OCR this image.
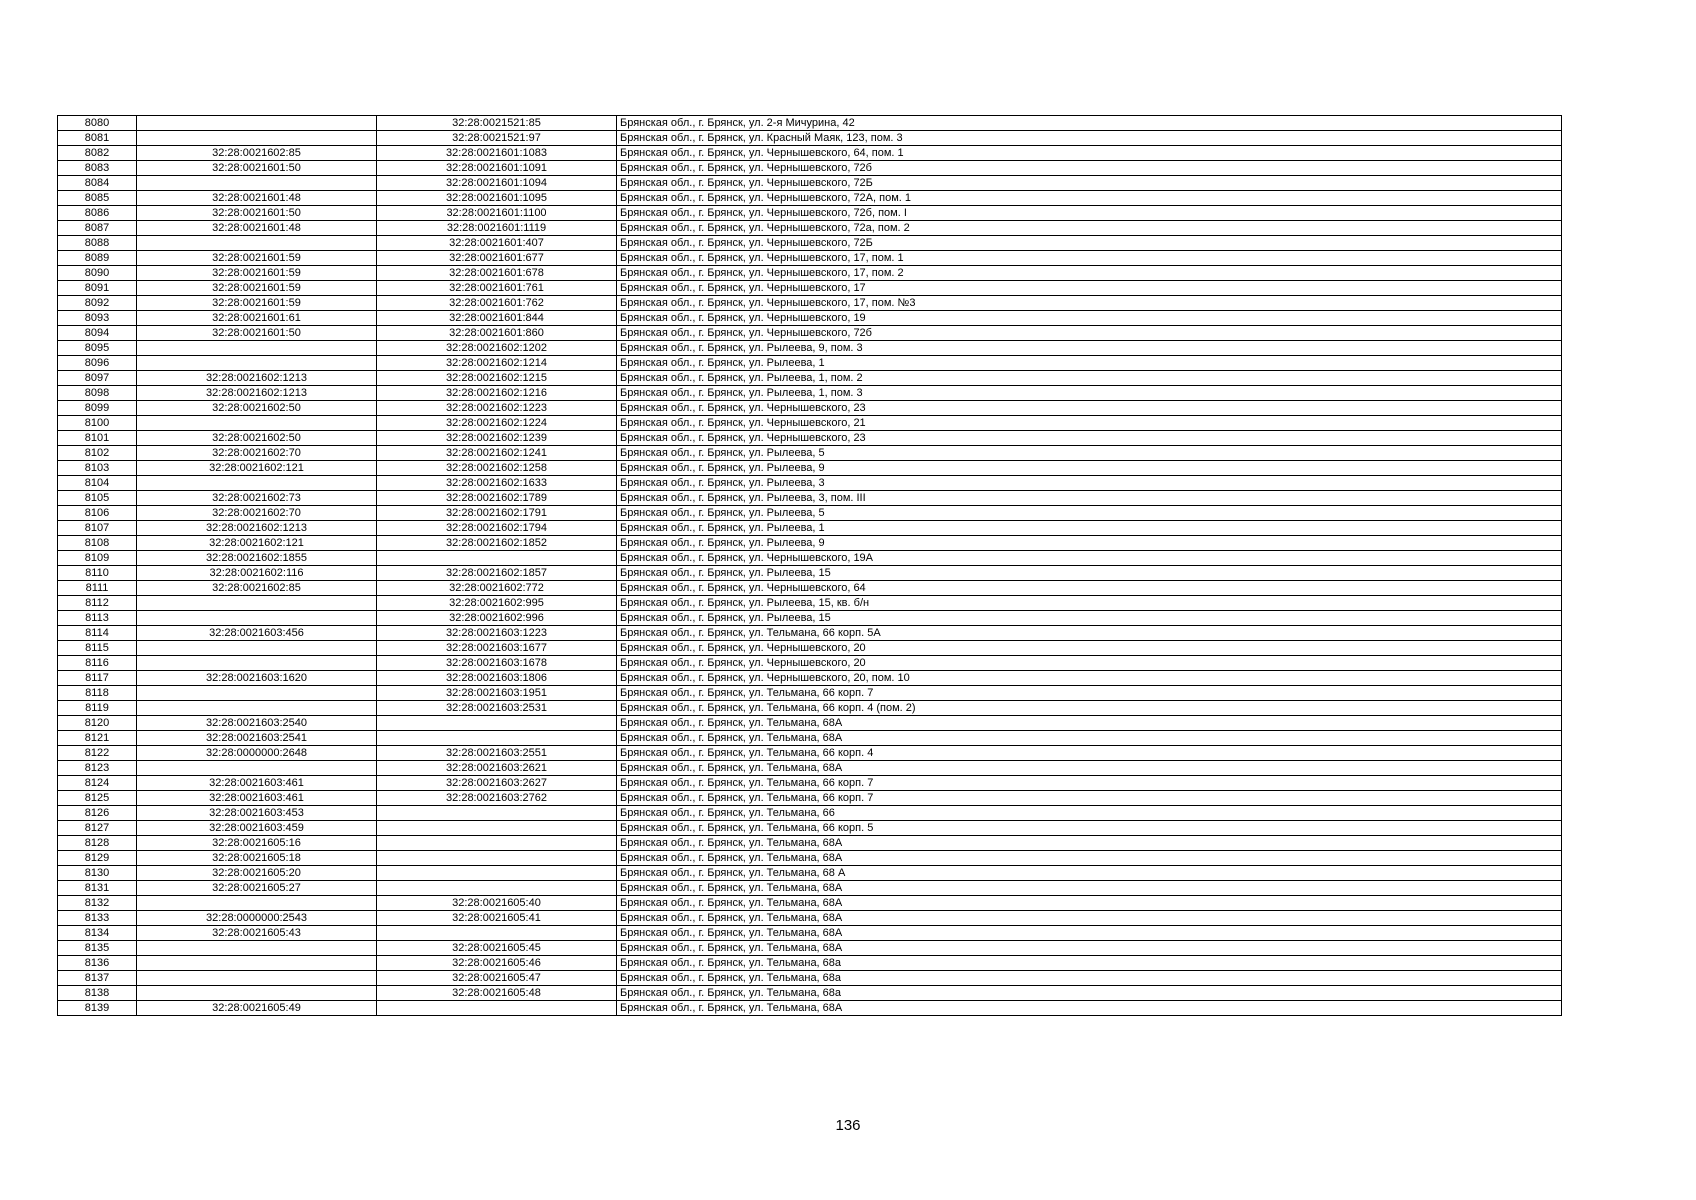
8080		32:28:0021521:85	Брянская обл., г. Брянск, ул. 2-я Мичурина, 42
8081		32:28:0021521:97	Брянская обл., г. Брянск, ул. Красный Маяк, 123, пом. 3
8082	32:28:0021602:85	32:28:0021601:1083	Брянская обл., г. Брянск, ул. Чернышевского, 64, пом. 1
8083	32:28:0021601:50	32:28:0021601:1091	Брянская обл., г. Брянск, ул. Чернышевского, 72б
8084		32:28:0021601:1094	Брянская обл., г. Брянск, ул. Чернышевского, 72Б
8085	32:28:0021601:48	32:28:0021601:1095	Брянская обл., г. Брянск, ул. Чернышевского, 72А, пом. 1
8086	32:28:0021601:50	32:28:0021601:1100	Брянская обл., г. Брянск, ул. Чернышевского, 72б, пом. I
8087	32:28:0021601:48	32:28:0021601:1119	Брянская обл., г. Брянск, ул. Чернышевского, 72а, пом. 2
8088		32:28:0021601:407	Брянская обл., г. Брянск, ул. Чернышевского, 72Б
8089	32:28:0021601:59	32:28:0021601:677	Брянская обл., г. Брянск, ул. Чернышевского, 17, пом. 1
8090	32:28:0021601:59	32:28:0021601:678	Брянская обл., г. Брянск, ул. Чернышевского, 17, пом. 2
8091	32:28:0021601:59	32:28:0021601:761	Брянская обл., г. Брянск, ул. Чернышевского, 17
8092	32:28:0021601:59	32:28:0021601:762	Брянская обл., г. Брянск, ул. Чернышевского, 17, пом. №3
8093	32:28:0021601:61	32:28:0021601:844	Брянская обл., г. Брянск, ул. Чернышевского, 19
8094	32:28:0021601:50	32:28:0021601:860	Брянская обл., г. Брянск, ул. Чернышевского, 72б
8095		32:28:0021602:1202	Брянская обл., г. Брянск, ул. Рылеева, 9, пом. 3
8096		32:28:0021602:1214	Брянская обл., г. Брянск, ул. Рылеева, 1
8097	32:28:0021602:1213	32:28:0021602:1215	Брянская обл., г. Брянск, ул. Рылеева, 1, пом. 2
8098	32:28:0021602:1213	32:28:0021602:1216	Брянская обл., г. Брянск, ул. Рылеева, 1, пом. 3
8099	32:28:0021602:50	32:28:0021602:1223	Брянская обл., г. Брянск, ул. Чернышевского, 23
8100		32:28:0021602:1224	Брянская обл., г. Брянск, ул. Чернышевского, 21
8101	32:28:0021602:50	32:28:0021602:1239	Брянская обл., г. Брянск, ул. Чернышевского, 23
8102	32:28:0021602:70	32:28:0021602:1241	Брянская обл., г. Брянск, ул. Рылеева, 5
8103	32:28:0021602:121	32:28:0021602:1258	Брянская обл., г. Брянск, ул. Рылеева, 9
8104		32:28:0021602:1633	Брянская обл., г. Брянск, ул. Рылеева, 3
8105	32:28:0021602:73	32:28:0021602:1789	Брянская обл., г. Брянск, ул. Рылеева, 3, пом. III
8106	32:28:0021602:70	32:28:0021602:1791	Брянская обл., г. Брянск, ул. Рылеева, 5
8107	32:28:0021602:1213	32:28:0021602:1794	Брянская обл., г. Брянск, ул. Рылеева, 1
8108	32:28:0021602:121	32:28:0021602:1852	Брянская обл., г. Брянск, ул. Рылеева, 9
8109	32:28:0021602:1855		Брянская обл., г. Брянск, ул. Чернышевского, 19А
8110	32:28:0021602:116	32:28:0021602:1857	Брянская обл., г. Брянск, ул. Рылеева, 15
8111	32:28:0021602:85	32:28:0021602:772	Брянская обл., г. Брянск, ул. Чернышевского, 64
8112		32:28:0021602:995	Брянская обл., г. Брянск, ул. Рылеева, 15, кв. б/н
8113		32:28:0021602:996	Брянская обл., г. Брянск, ул. Рылеева, 15
8114	32:28:0021603:456	32:28:0021603:1223	Брянская обл., г. Брянск, ул. Тельмана, 66 корп. 5А
8115		32:28:0021603:1677	Брянская обл., г. Брянск, ул. Чернышевского, 20
8116		32:28:0021603:1678	Брянская обл., г. Брянск, ул. Чернышевского, 20
8117	32:28:0021603:1620	32:28:0021603:1806	Брянская обл., г. Брянск, ул. Чернышевского, 20, пом. 10
8118		32:28:0021603:1951	Брянская обл., г. Брянск, ул. Тельмана, 66 корп. 7
8119		32:28:0021603:2531	Брянская обл., г. Брянск, ул. Тельмана, 66 корп. 4 (пом. 2)
8120	32:28:0021603:2540		Брянская обл., г. Брянск, ул. Тельмана, 68А
8121	32:28:0021603:2541		Брянская обл., г. Брянск, ул. Тельмана, 68А
8122	32:28:0000000:2648	32:28:0021603:2551	Брянская обл., г. Брянск, ул. Тельмана, 66 корп. 4
8123		32:28:0021603:2621	Брянская обл., г. Брянск, ул. Тельмана, 68А
8124	32:28:0021603:461	32:28:0021603:2627	Брянская обл., г. Брянск, ул. Тельмана, 66 корп. 7
8125	32:28:0021603:461	32:28:0021603:2762	Брянская обл., г. Брянск, ул. Тельмана, 66 корп. 7
8126	32:28:0021603:453		Брянская обл., г. Брянск, ул. Тельмана, 66
8127	32:28:0021603:459		Брянская обл., г. Брянск, ул. Тельмана, 66 корп. 5
8128	32:28:0021605:16		Брянская обл., г. Брянск, ул. Тельмана, 68А
8129	32:28:0021605:18		Брянская обл., г. Брянск, ул. Тельмана, 68А
8130	32:28:0021605:20		Брянская обл., г. Брянск, ул. Тельмана, 68 А
8131	32:28:0021605:27		Брянская обл., г. Брянск, ул. Тельмана, 68А
8132		32:28:0021605:40	Брянская обл., г. Брянск, ул. Тельмана, 68А
8133	32:28:0000000:2543	32:28:0021605:41	Брянская обл., г. Брянск, ул. Тельмана, 68А
8134	32:28:0021605:43		Брянская обл., г. Брянск, ул. Тельмана, 68А
8135		32:28:0021605:45	Брянская обл., г. Брянск, ул. Тельмана, 68А
8136		32:28:0021605:46	Брянская обл., г. Брянск, ул. Тельмана, 68а
8137		32:28:0021605:47	Брянская обл., г. Брянск, ул. Тельмана, 68а
8138		32:28:0021605:48	Брянская обл., г. Брянск, ул. Тельмана, 68а
8139	32:28:0021605:49		Брянская обл., г. Брянск, ул. Тельмана, 68А
136
